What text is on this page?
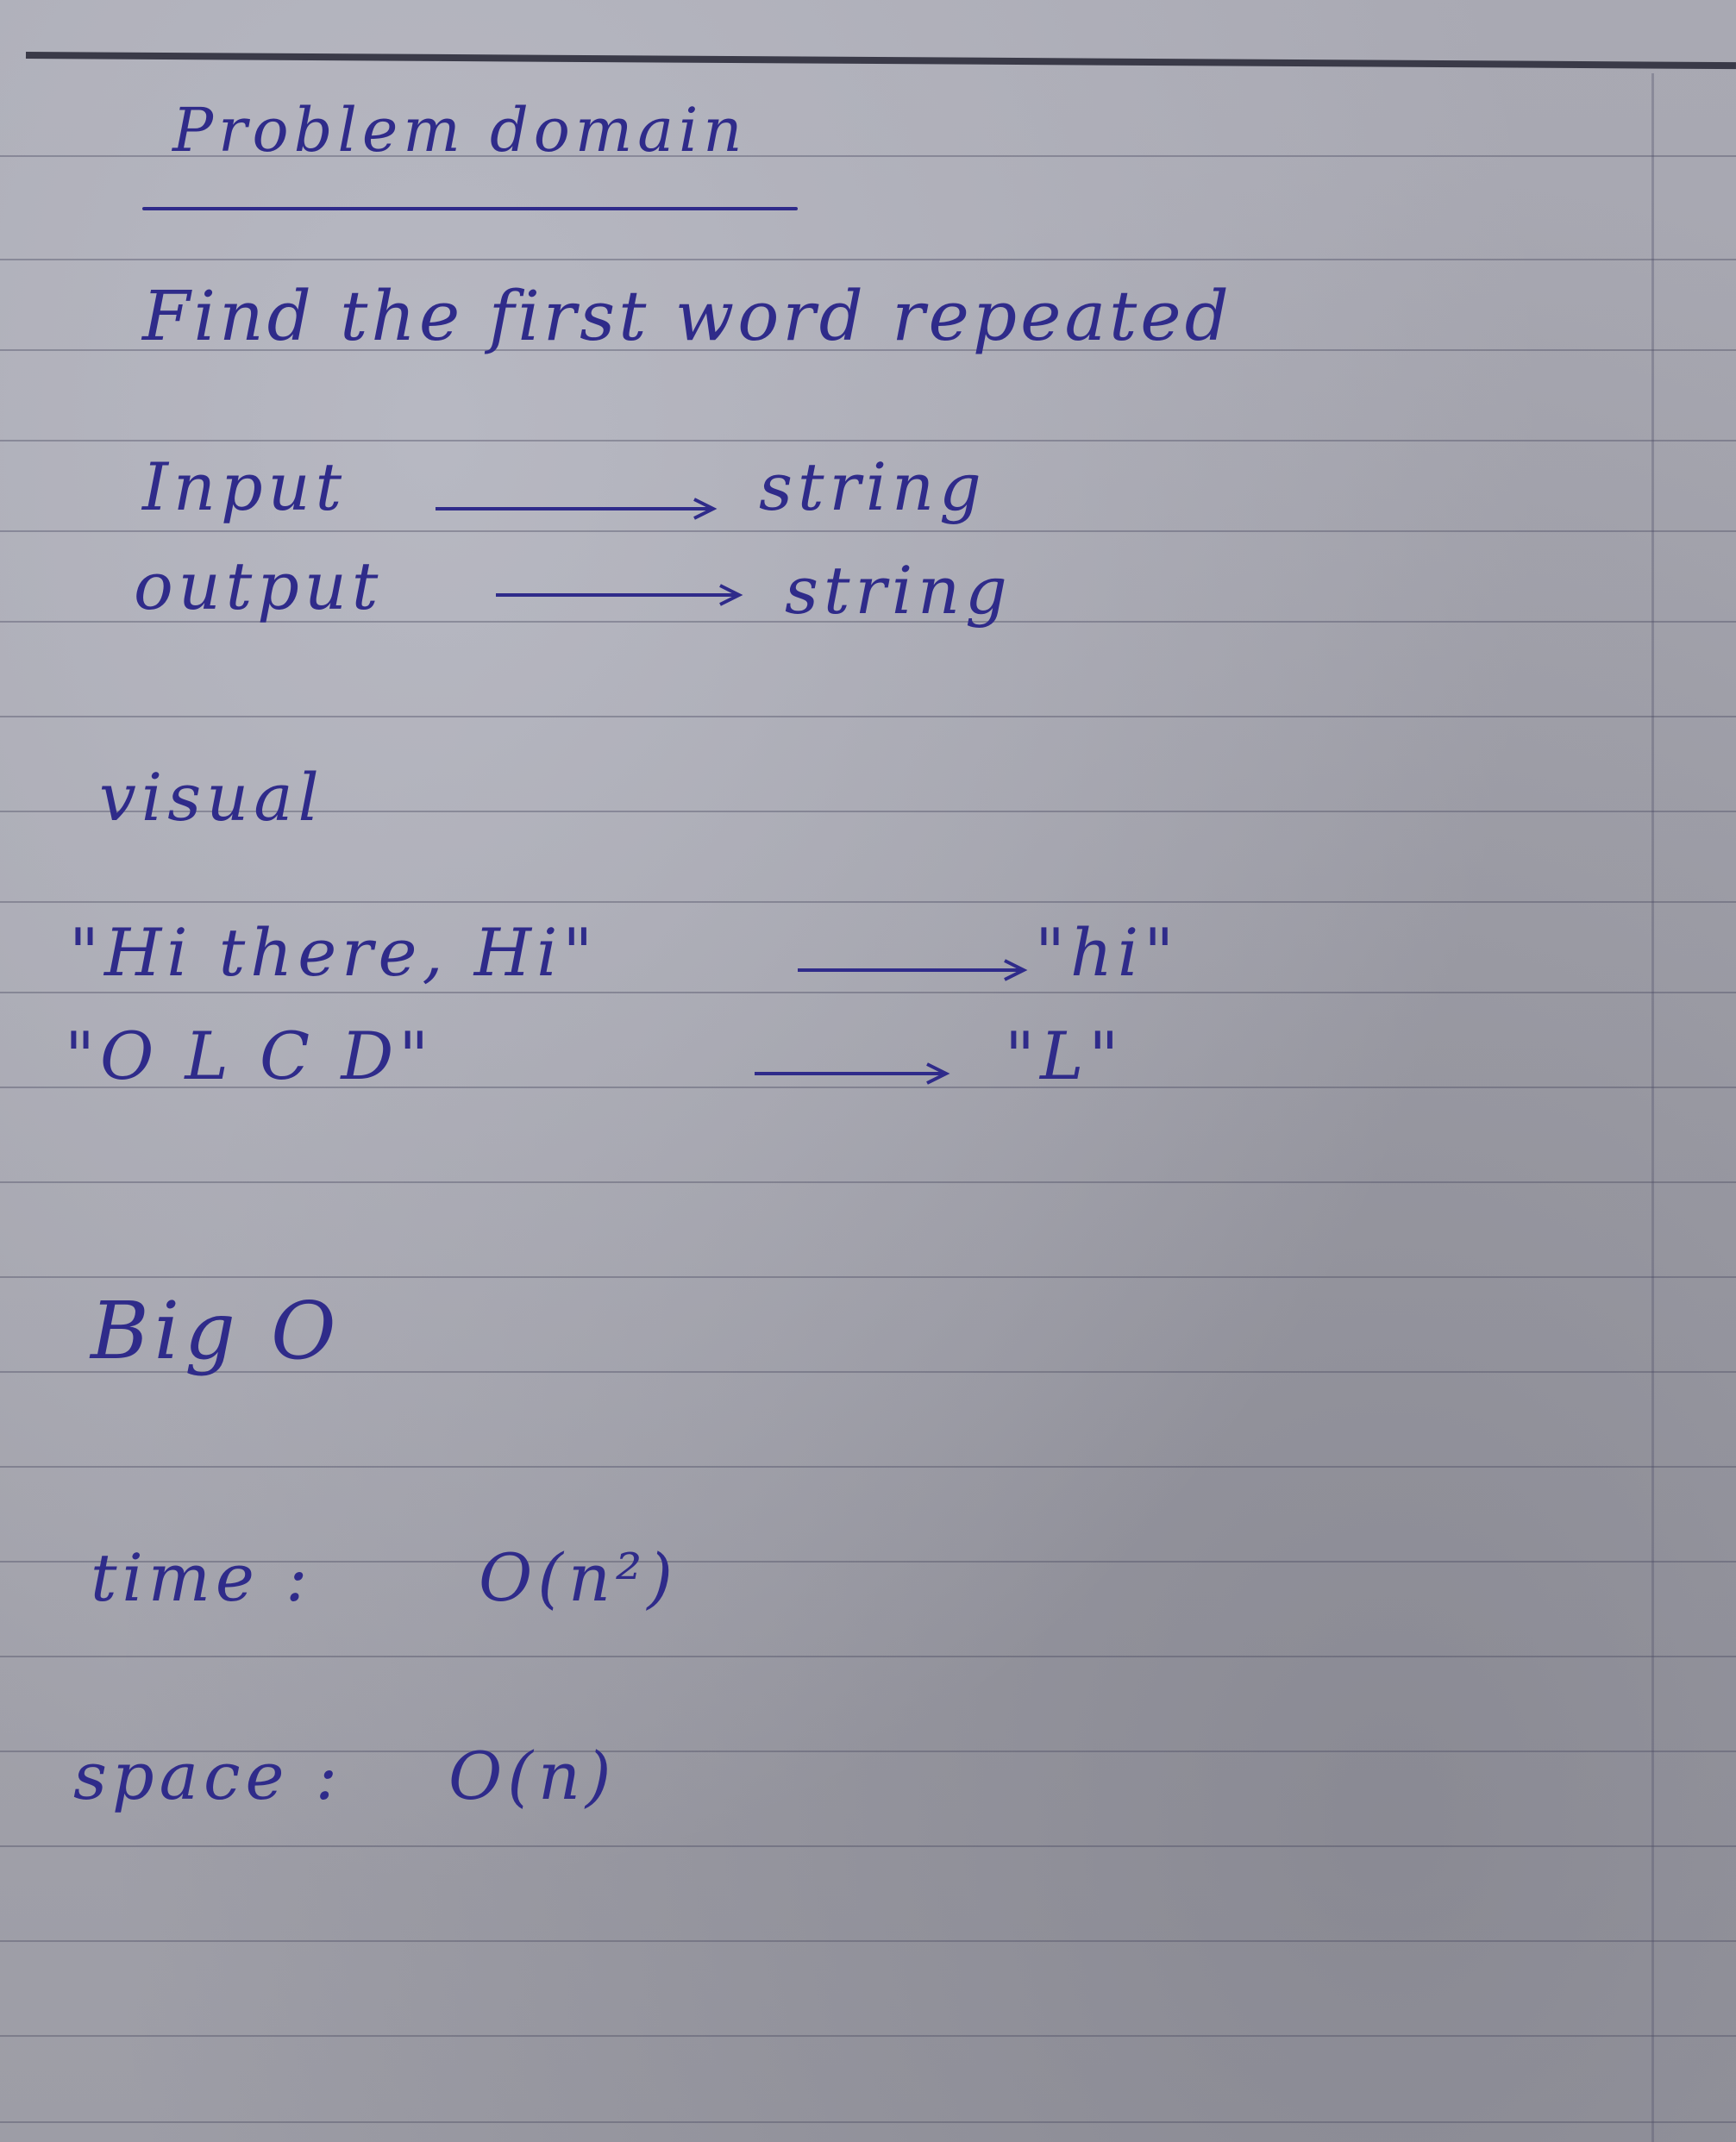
Problem domain

Find the first word repeated

Input	string

output	string

visual

"Hi there, Hi"	"hi"

"O L C D"	"L"

Big O

time :	O(n²)

space : O(n)
